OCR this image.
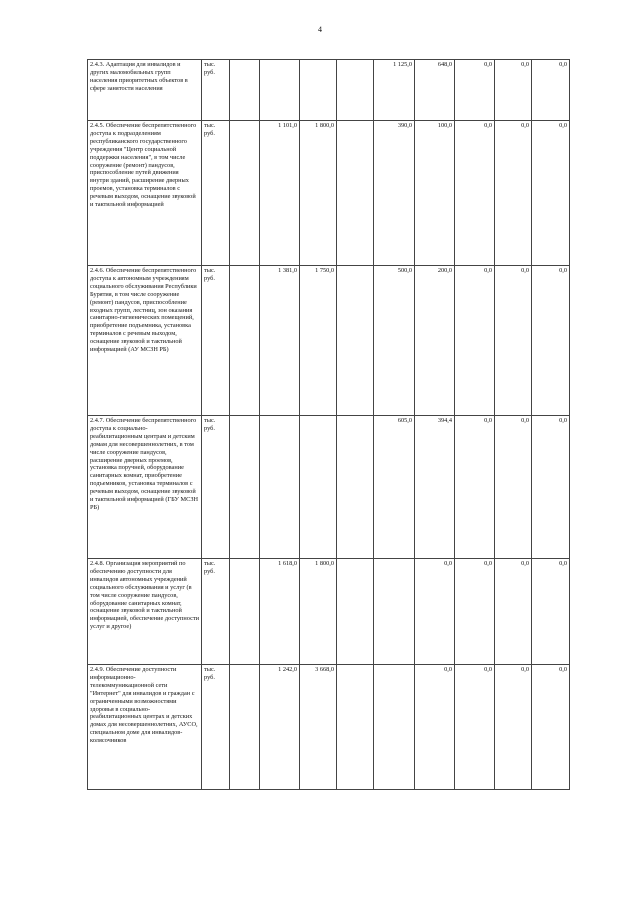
4
2.4.3. Адаптация для инвалидов и других маломобильных групп населения приоритетных объектов в сфере занятости населения	тыс. руб.					1 125,0	648,0	0,0	0,0	0,0

2.4.5. Обеспечение беспрепятственного доступа к подразделениям республиканского государственного учреждения "Центр социальной поддержки населения", в том числе сооружение (ремонт) пандусов, приспособление путей движения внутри зданий, расширение дверных проемов, установка терминалов с речевым выходом, оснащение звуковой и тактильной информацией	тыс. руб.		1 101,0	1 800,0		390,0	100,0	0,0	0,0	0,0

2.4.6. Обеспечение беспрепятственного доступа к автономным учреждениям социального обслуживания Республики Бурятия, в том числе сооружение (ремонт) пандусов, приспособление входных групп, лестниц, зон оказания санитарно-гигиенических помещений, приобретение подъемника, установка терминалов с речевым выходом, оснащение звуковой и тактильной информацией (АУ МСЗН РБ)	тыс. руб.		1 381,0	1 750,0		500,0	200,0	0,0	0,0	0,0

2.4.7. Обеспечение беспрепятственного доступа к социально-реабилитационным центрам и детским домам для несовершеннолетних, в том числе сооружение пандусов, расширение дверных проемов, установка поручней, оборудование санитарных комнат, приобретение подъемников, установка терминалов с речевым выходом, оснащение звуковой и тактильной информацией (ГБУ МСЗН РБ)	тыс. руб.					605,0	394,4	0,0	0,0	0,0

2.4.8. Организация мероприятий по обеспечению доступности для инвалидов автономных учреждений социального обслуживания и услуг (в том числе сооружение пандусов, оборудование санитарных комнат, оснащение звуковой и тактильной информацией, обеспечение доступности услуг и другое)	тыс. руб.		1 618,0	1 800,0			0,0	0,0	0,0	0,0

2.4.9. Обеспечение доступности информационно-телекоммуникационной сети "Интернет" для инвалидов и граждан с ограниченными возможностями здоровья в социально-реабилитационных центрах и детских домах для несовершеннолетних, АУСО, специальном доме для инвалидов-колясочников	тыс. руб.		1 242,0	3 668,0			0,0	0,0	0,0	0,0
